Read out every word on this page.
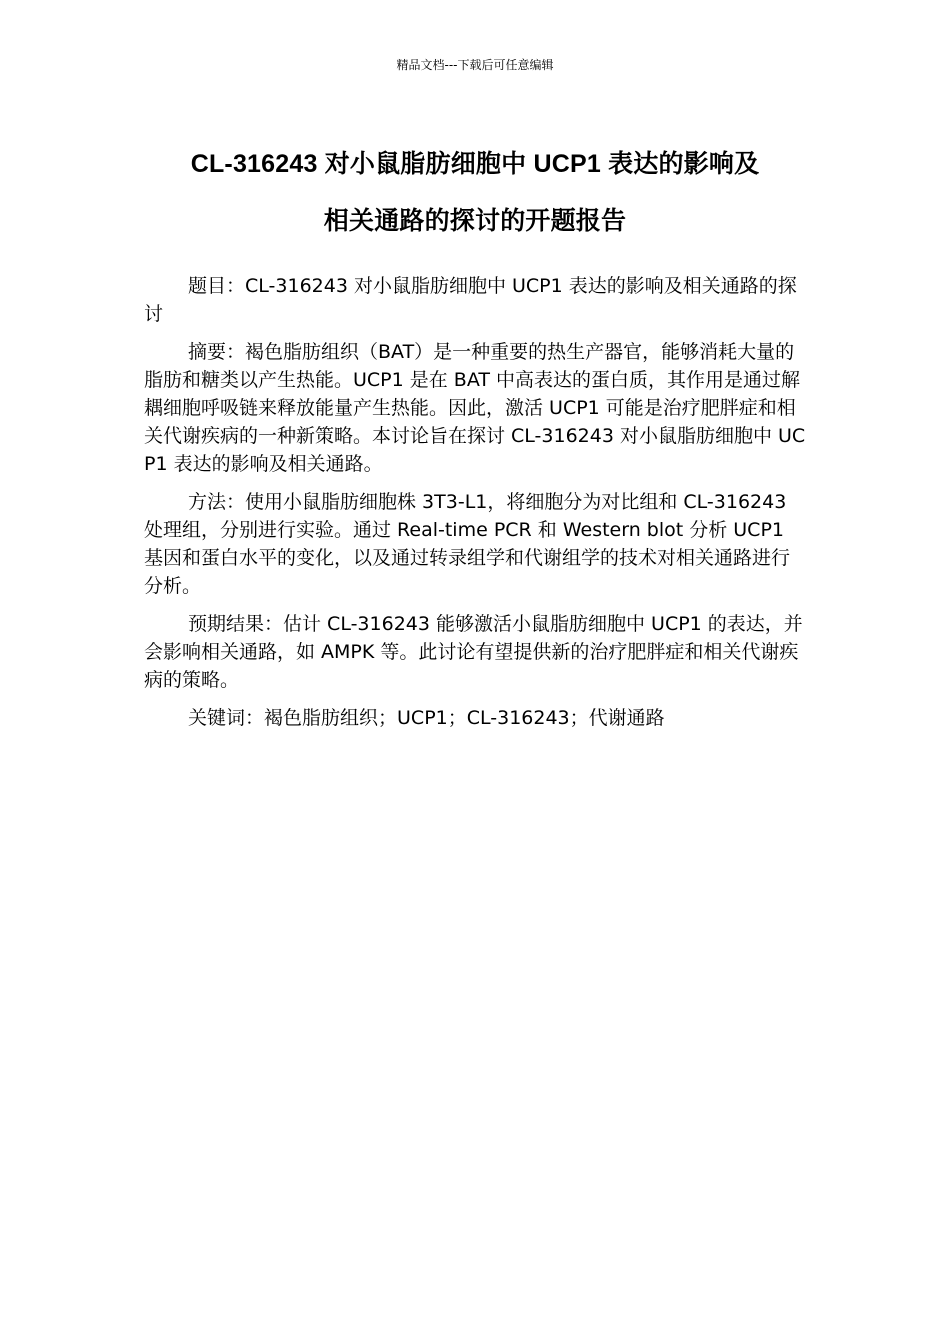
精品文档---下载后可任意编辑
CL-316243 对小鼠脂肪细胞中 UCP1 表达的影响及
相关通路的探讨的开题报告

题目：CL-316243 对小鼠脂肪细胞中 UCP1 表达的影响及相关通路的探讨

摘要：褐色脂肪组织（BAT）是一种重要的热生产器官，能够消耗大量的脂肪和糖类以产生热能。UCP1 是在 BAT 中高表达的蛋白质，其作用是通过解耦细胞呼吸链来释放能量产生热能。因此，激活 UCP1 可能是治疗肥胖症和相关代谢疾病的一种新策略。本讨论旨在探讨 CL-316243 对小鼠脂肪细胞中 UCP1 表达的影响及相关通路。

方法：使用小鼠脂肪细胞株 3T3-L1，将细胞分为对比组和 CL-316243 处理组，分别进行实验。通过 Real-time PCR 和 Western blot 分析 UCP1 基因和蛋白水平的变化，以及通过转录组学和代谢组学的技术对相关通路进行分析。

预期结果：估计 CL-316243 能够激活小鼠脂肪细胞中 UCP1 的表达，并会影响相关通路，如 AMPK 等。此讨论有望提供新的治疗肥胖症和相关代谢疾病的策略。

关键词：褐色脂肪组织；UCP1；CL-316243；代谢通路
